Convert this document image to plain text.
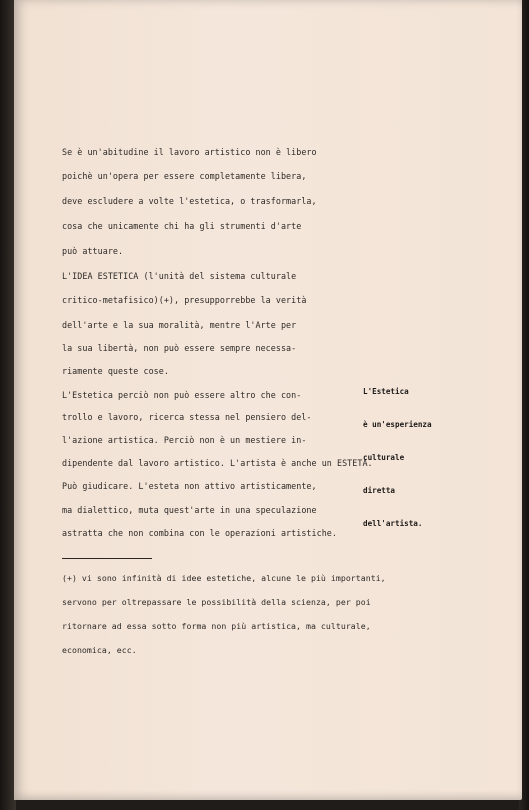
Se è un'abitudine il lavoro artistico non è libero
poichè un'opera per essere completamente libera,
deve escludere a volte l'estetica, o trasformarla,
cosa che unicamente chi ha gli strumenti d'arte
può attuare.
L'IDEA ESTETICA (l'unità del sistema culturale
critico-metafisico)(+), presupporrebbe la verità
dell'arte e la sua moralità, mentre l'Arte per
la sua libertà, non può essere sempre necessa-
riamente queste cose.
L'Estetica perciò non può essere altro che con-
trollo e lavoro, ricerca stessa nel pensiero del-
l'azione artistica. Perciò non è un mestiere in-
dipendente dal lavoro artistico. L'artista è anche un ESTETA.
Può giudicare. L'esteta non attivo artisticamente,
ma dialettico, muta quest'arte in una speculazione
astratta che non combina con le operazioni artistiche.

L'Estetica

è un'esperienza

culturale

diretta

dell'artista.

(+) vi sono infinità di idee estetiche, alcune le più importanti,
servono per oltrepassare le possibilità della scienza, per poi
ritornare ad essa sotto forma non più artistica, ma culturale,
economica, ecc.
